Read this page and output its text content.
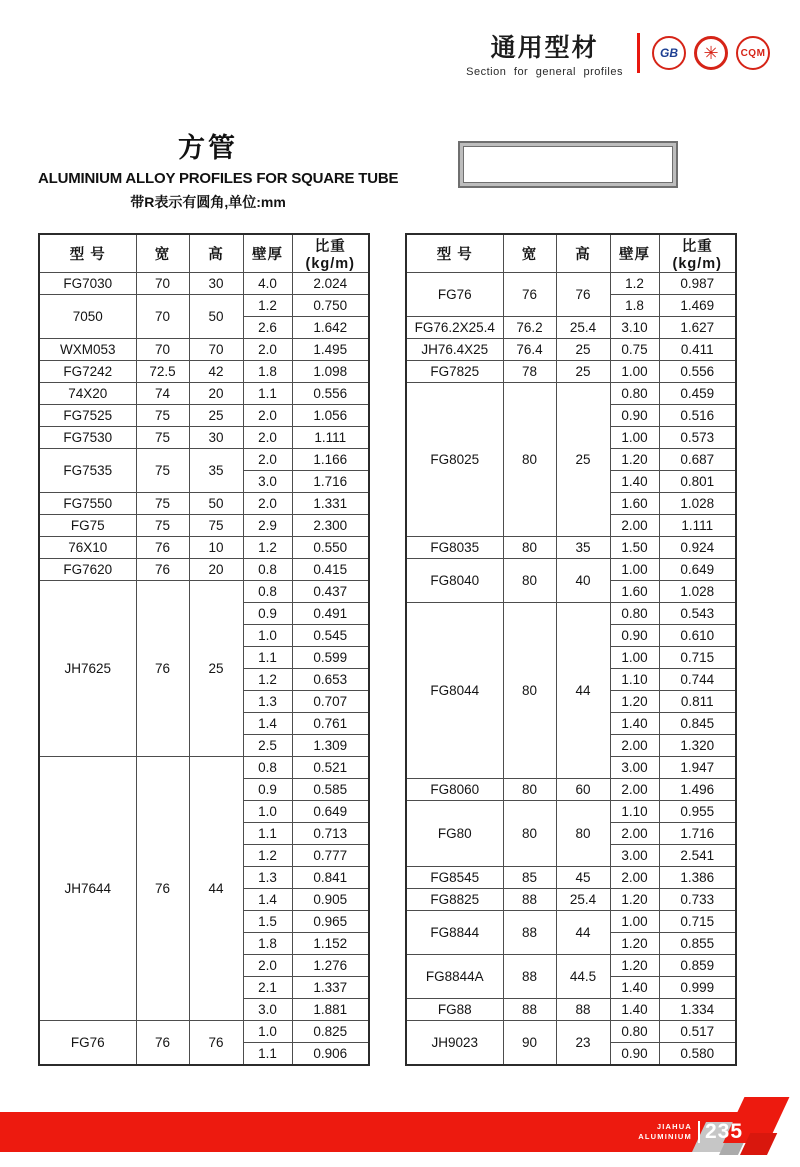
通用型材
Section for general profiles
GB ✳ CQM
方管
ALUMINIUM ALLOY PROFILES FOR SQUARE TUBE
带R表示有圆角,单位:mm
型 号	宽	高	壁厚	比重(kg/m)
FG7030	70	30	4.0	2.024
7050	70	50	1.2	0.750
			2.6	1.642
WXM053	70	70	2.0	1.495
FG7242	72.5	42	1.8	1.098
74X20	74	20	1.1	0.556
FG7525	75	25	2.0	1.056
FG7530	75	30	2.0	1.111
FG7535	75	35	2.0	1.166
			3.0	1.716
FG7550	75	50	2.0	1.331
FG75	75	75	2.9	2.300
76X10	76	10	1.2	0.550
FG7620	76	20	0.8	0.415
JH7625	76	25	0.8	0.437
			0.9	0.491
			1.0	0.545
			1.1	0.599
			1.2	0.653
			1.3	0.707
			1.4	0.761
			2.5	1.309
JH7644	76	44	0.8	0.521
			0.9	0.585
			1.0	0.649
			1.1	0.713
			1.2	0.777
			1.3	0.841
			1.4	0.905
			1.5	0.965
			1.8	1.152
			2.0	1.276
			2.1	1.337
			3.0	1.881
FG76	76	76	1.0	0.825
			1.1	0.906
型 号	宽	高	壁厚	比重(kg/m)
FG76	76	76	1.2	0.987
			1.8	1.469
FG76.2X25.4	76.2	25.4	3.10	1.627
JH76.4X25	76.4	25	0.75	0.411
FG7825	78	25	1.00	0.556
FG8025	80	25	0.80	0.459
			0.90	0.516
			1.00	0.573
			1.20	0.687
			1.40	0.801
			1.60	1.028
			2.00	1.111
FG8035	80	35	1.50	0.924
FG8040	80	40	1.00	0.649
			1.60	1.028
FG8044	80	44	0.80	0.543
			0.90	0.610
			1.00	0.715
			1.10	0.744
			1.20	0.811
			1.40	0.845
			2.00	1.320
			3.00	1.947
FG8060	80	60	2.00	1.496
FG80	80	80	1.10	0.955
			2.00	1.716
			3.00	2.541
FG8545	85	45	2.00	1.386
FG8825	88	25.4	1.20	0.733
FG8844	88	44	1.00	0.715
			1.20	0.855
FG8844A	88	44.5	1.20	0.859
			1.40	0.999
FG88	88	88	1.40	1.334
JH9023	90	23	0.80	0.517
			0.90	0.580
JIAHUA
ALUMINIUM 235
